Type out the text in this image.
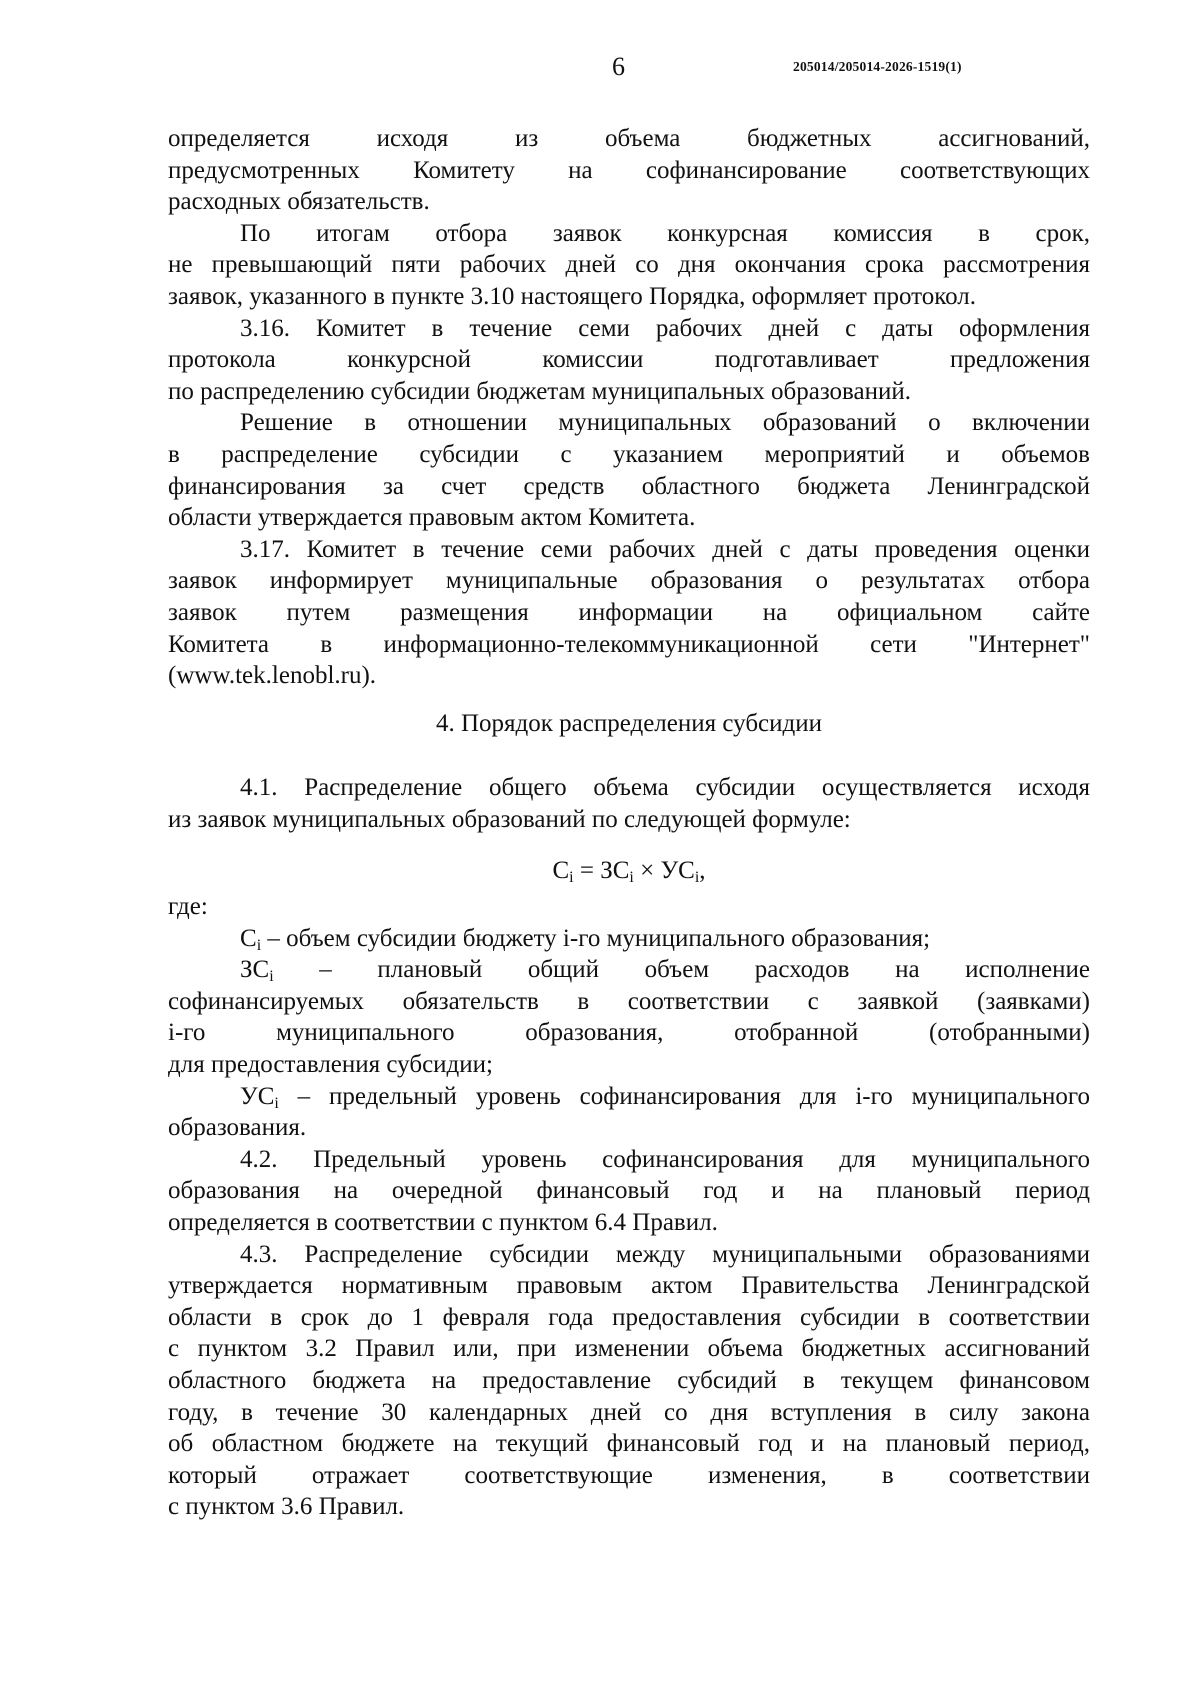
6	205014/205014-2026-1519(1)
определяется исходя из объема бюджетных ассигнований,
предусмотренных Комитету на софинансирование соответствующих
расходных обязательств.
По итогам отбора заявок конкурсная комиссия в срок,
не превышающий пяти рабочих дней со дня окончания срока рассмотрения
заявок, указанного в пункте 3.10 настоящего Порядка, оформляет протокол.
3.16. Комитет в течение семи рабочих дней с даты оформления
протокола конкурсной комиссии подготавливает предложения
по распределению субсидии бюджетам муниципальных образований.
Решение в отношении муниципальных образований о включении
в распределение субсидии с указанием мероприятий и объемов
финансирования за счет средств областного бюджета Ленинградской
области утверждается правовым актом Комитета.
3.17. Комитет в течение семи рабочих дней с даты проведения оценки
заявок информирует муниципальные образования о результатах отбора
заявок путем размещения информации на официальном сайте
Комитета в информационно-телекоммуникационной сети "Интернет"
(www.tek.lenobl.ru).
4. Порядок распределения субсидии
4.1. Распределение общего объема субсидии осуществляется исходя
из заявок муниципальных образований по следующей формуле:
$C_i = ЗC_i \times УC_i$,
где:
$C_i$ – объем субсидии бюджету i-го муниципального образования;
$ЗC_i$ – плановый общий объем расходов на исполнение
софинансируемых обязательств в соответствии с заявкой (заявками)
i-го муниципального образования, отобранной (отобранными)
для предоставления субсидии;
$УC_i$ – предельный уровень софинансирования для i-го муниципального
образования.
4.2. Предельный уровень софинансирования для муниципального
образования на очередной финансовый год и на плановый период
определяется в соответствии с пунктом 6.4 Правил.
4.3. Распределение субсидии между муниципальными образованиями
утверждается нормативным правовым актом Правительства Ленинградской
области в срок до 1 февраля года предоставления субсидии в соответствии
с пунктом 3.2 Правил или, при изменении объема бюджетных ассигнований
областного бюджета на предоставление субсидий в текущем финансовом
году, в течение 30 календарных дней со дня вступления в силу закона
об областном бюджете на текущий финансовый год и на плановый период,
который отражает соответствующие изменения, в соответствии
с пунктом 3.6 Правил.
